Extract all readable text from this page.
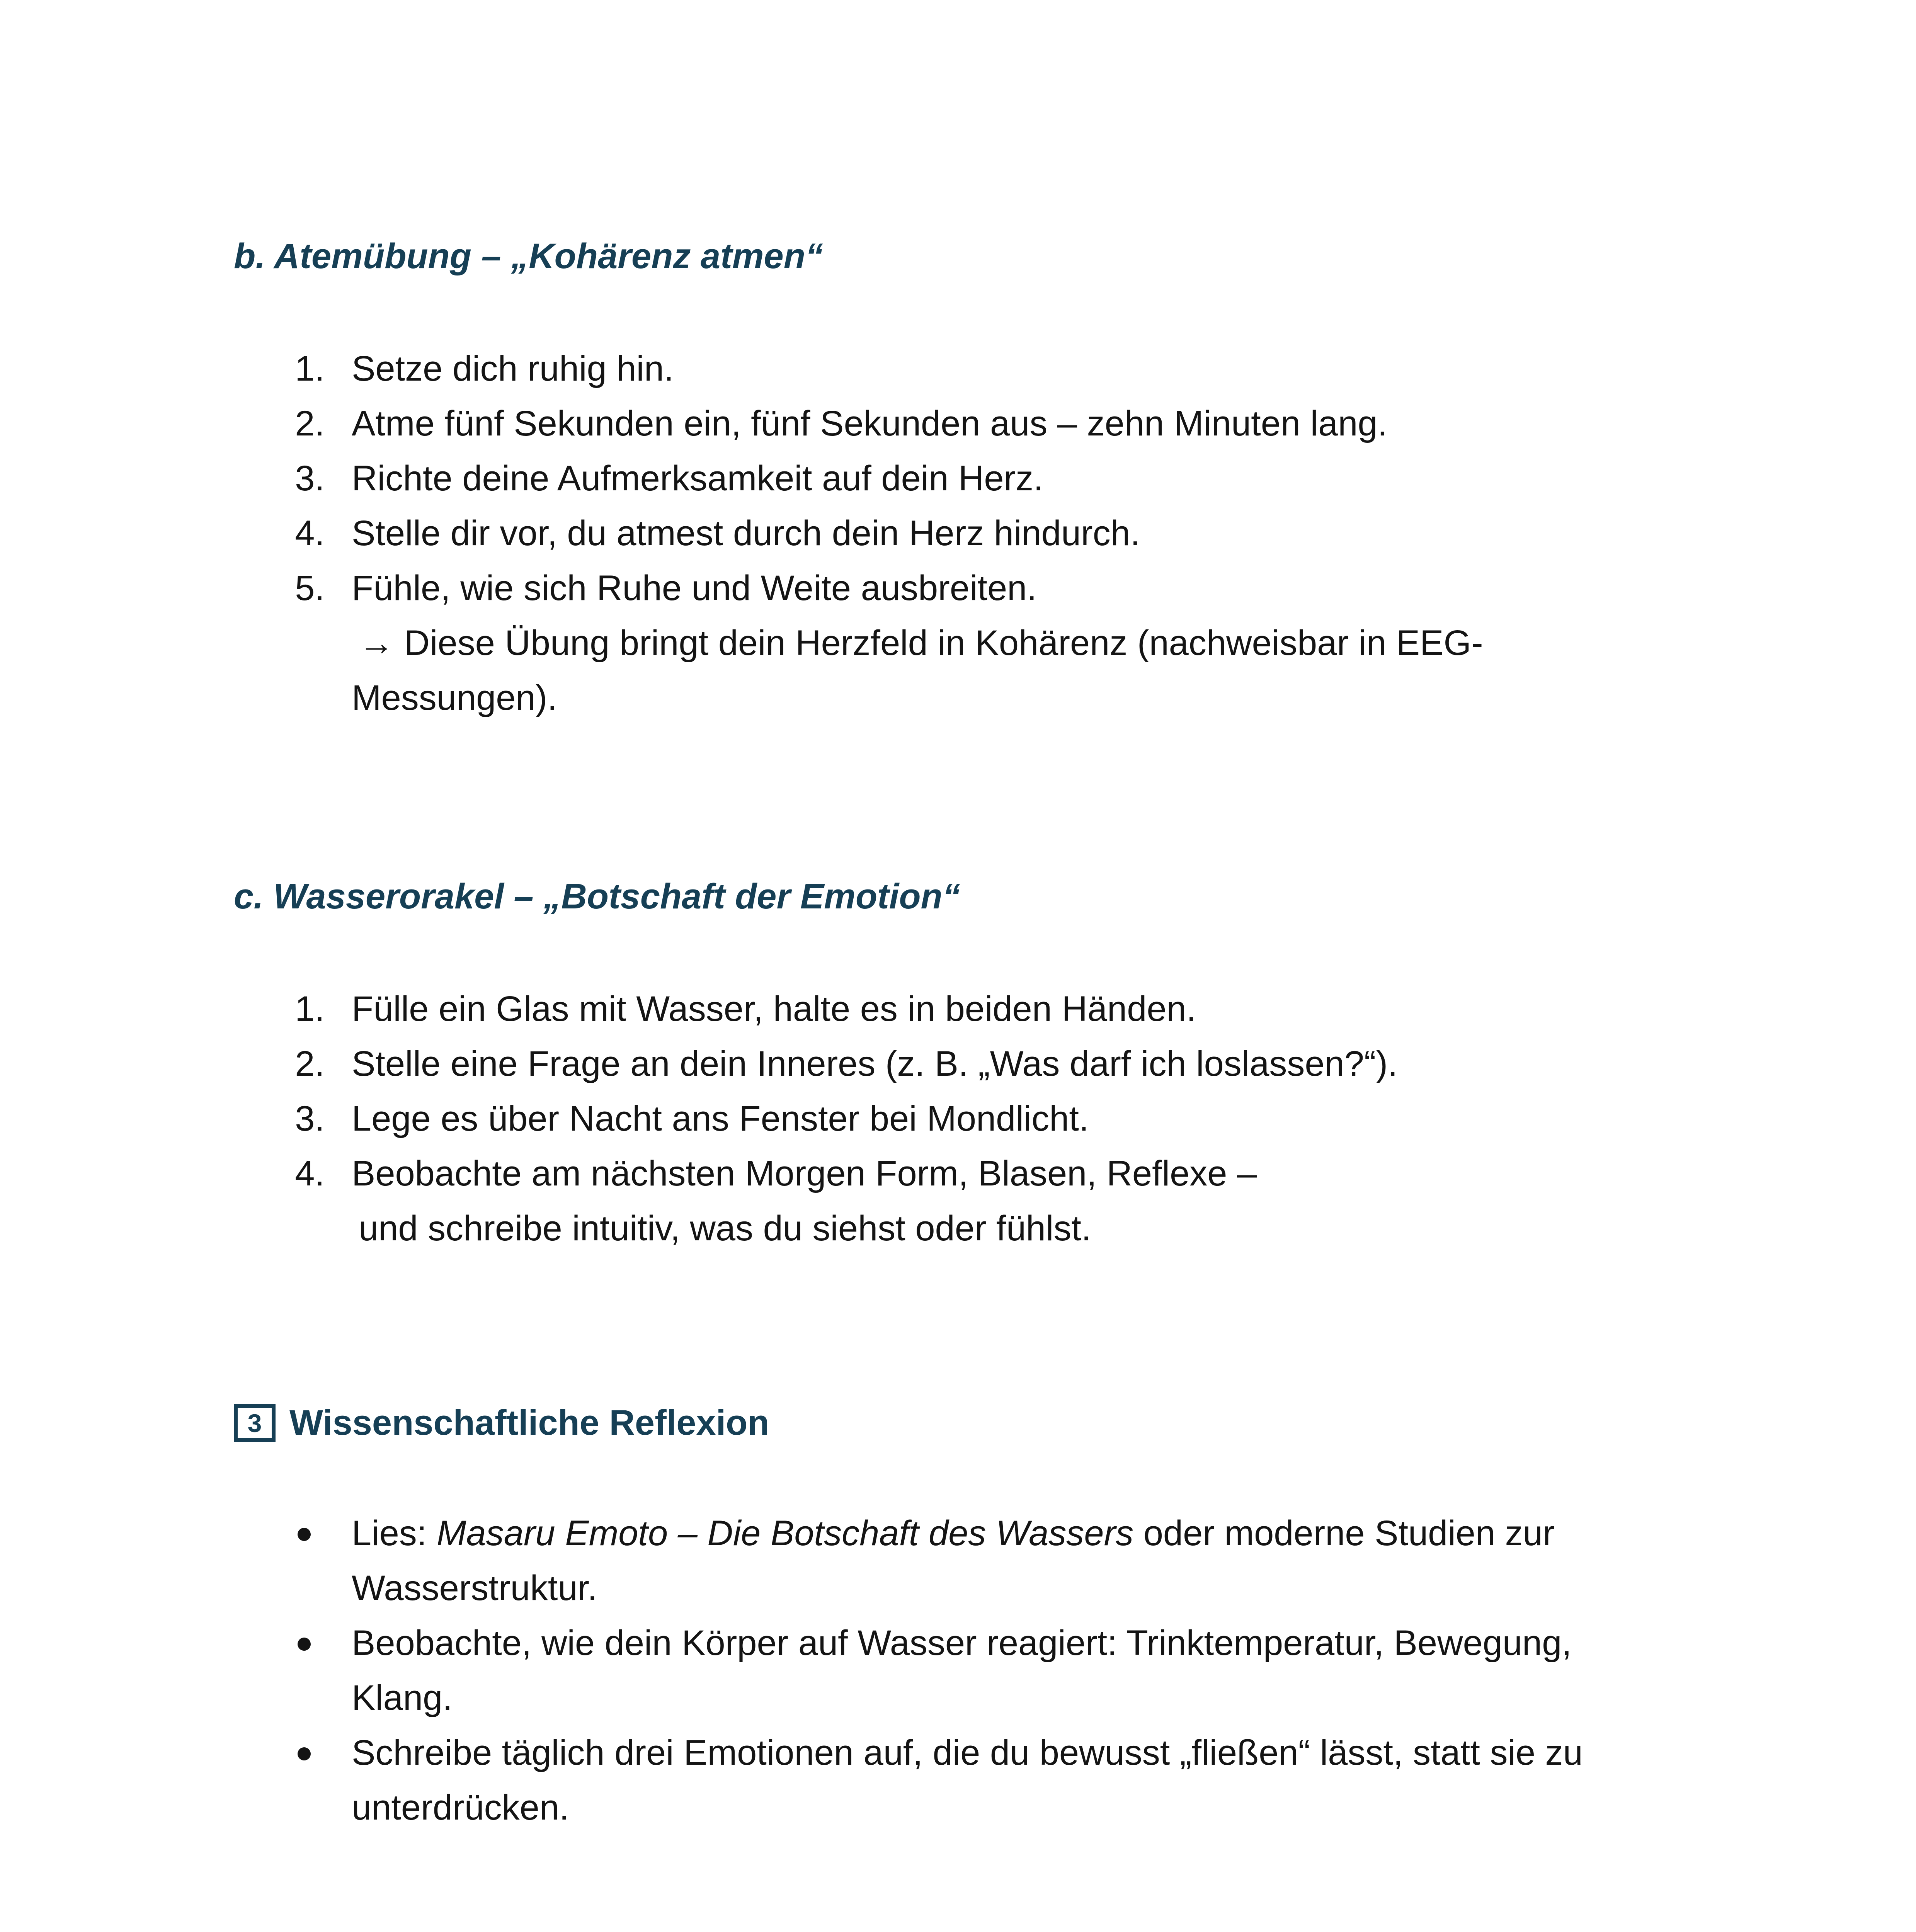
b. Atemübung – „Kohärenz atmen“
1. Setze dich ruhig hin.
2. Atme fünf Sekunden ein, fünf Sekunden aus – zehn Minuten lang.
3. Richte deine Aufmerksamkeit auf dein Herz.
4. Stelle dir vor, du atmest durch dein Herz hindurch.
5. Fühle, wie sich Ruhe und Weite ausbreiten.
→ Diese Übung bringt dein Herzfeld in Kohärenz (nachweisbar in EEG-
Messungen).
c. Wasserorakel – „Botschaft der Emotion“
1. Fülle ein Glas mit Wasser, halte es in beiden Händen.
2. Stelle eine Frage an dein Inneres (z. B. „Was darf ich loslassen?“).
3. Lege es über Nacht ans Fenster bei Mondlicht.
4. Beobachte am nächsten Morgen Form, Blasen, Reflexe –
und schreibe intuitiv, was du siehst oder fühlst.
3 Wissenschaftliche Reflexion
Lies: Masaru Emoto – Die Botschaft des Wassers oder moderne Studien zur
Wasserstruktur.
Beobachte, wie dein Körper auf Wasser reagiert: Trinktemperatur, Bewegung,
Klang.
Schreibe täglich drei Emotionen auf, die du bewusst „fließen“ lässt, statt sie zu
unterdrücken.
